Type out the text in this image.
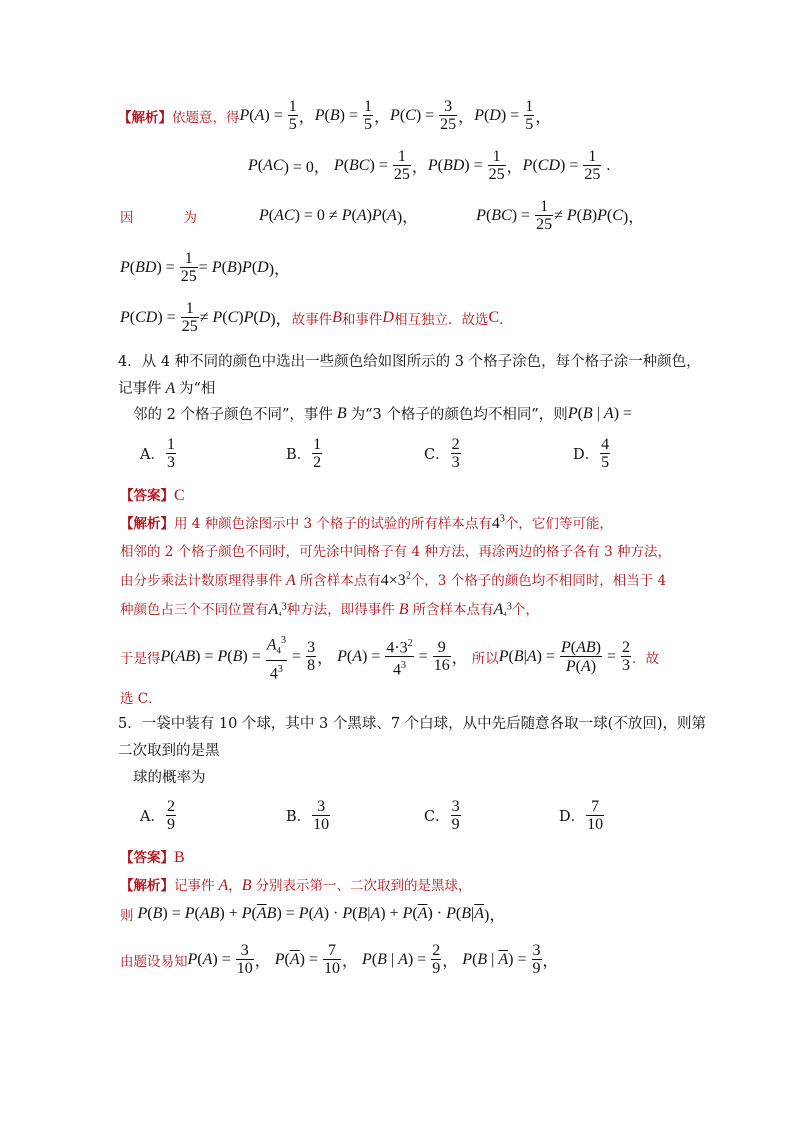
【解析】 依题意，得 P ( A ) = $\frac{1}{5}$ ， P ( B ) = $\frac{1}{5}$ ， P ( C ) = $\frac{3}{25}$ ， P ( D ) = $\frac{1}{5}$ ，
P ( AC ) = 0， P ( BC ) = $\frac{1}{25}$ ， P ( BD ) = $\frac{1}{25}$ ， P ( CD ) = $\frac{1}{25}$ .
因	为	P ( AC ) = 0 ≠ P ( A ) P ( A )，	P ( BC ) = $\frac{1}{25} \ne P$ ( B ) P ( C )，
P ( BD ) = $\frac{1}{25} = P$ ( B ) P ( D )，
P ( CD ) = $\frac{1}{25} \ne P$ ( C ) P ( D )， 故事件 B 和事件 D 相互独立．故选 C ．
4．从 4 种不同的颜色中选出一些颜色给如图所示的 3 个格子涂色，每个格子涂一种颜色，
记事件 A 为“相
邻的 2 个格子颜色不同”，事件 B 为“3 个格子的颜色均不相同”，则 P ( B | A ) =
A． $\frac{1}{3}$	B． $\frac{1}{2}$	C． $\frac{2}{3}$	D． $\frac{4}{5}$
【答案】C
【解析】用 4 种颜色涂图示中 3 个格子的试验的所有样本点有$4^3$个，它们等可能，
相邻的 2 个格子颜色不同时，可先涂中间格子有 4 种方法，再涂两边的格子各有 3 种方法，
由分步乘法计数原理得事件 A 所含样本点有$4\times 3^2$个，3 个格子的颜色均不相同时，相当于 4
种颜色占三个不同位置有A₄$^3$种方法，即得事件 B 所含样本点有A₄$^3$个，
于是得 P ( AB ) = P ( B ) = $\frac{A_4^3}{4^3} = \frac{3}{8}$ ， P ( A ) = $\frac{4\cdot 3^2}{4^3} = \frac{9}{16}$ ， 所以 P ( B | A ) = $\frac{P(AB)}{P(A)} = \frac{2}{3}$ ．故
选 C．
5．一袋中装有 10 个球，其中 3 个黑球、7 个白球，从中先后随意各取一球(不放回)，则第
二次取到的是黑
球的概率为
A． $\frac{2}{9}$	B． $\frac{3}{10}$	C． $\frac{3}{9}$	D． $\frac{7}{10}$
【答案】B
【解析】记事件 A，B 分别表示第一、二次取到的是黑球，
则 P ( B ) = P ( AB ) + P ( $\overline{A}$ B ) = P ( A ) · P ( B | A ) + P ( $\overline{A}$ ) · P ( B | $\overline{A}$ )，
由题设易知 P ( A ) = $\frac{3}{10}$ ， P ( $\overline{A}$ ) = $\frac{7}{10}$ ， P ( B | A ) = $\frac{2}{9}$ ， P ( B | $\overline{A}$ ) = $\frac{3}{9}$ ，
